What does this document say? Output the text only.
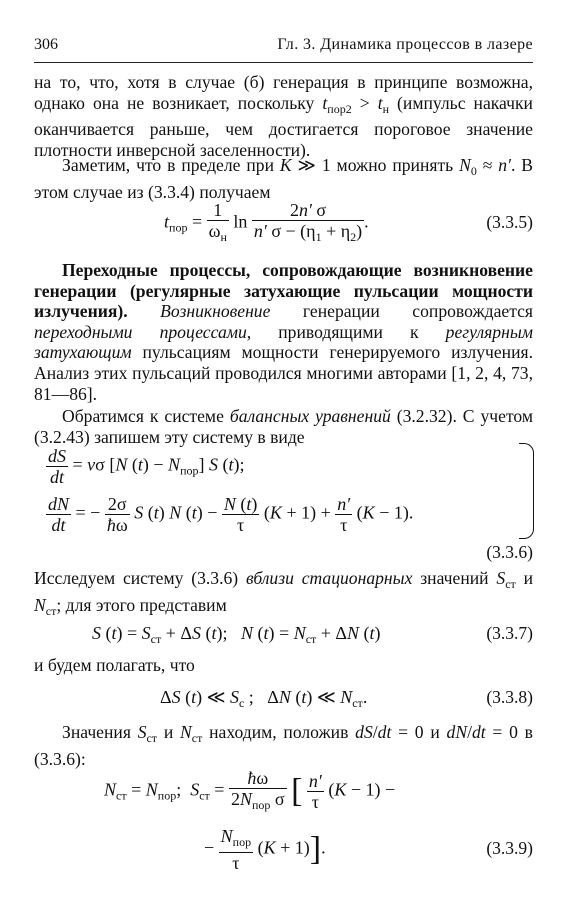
306	Гл. 3. Динамика процессов в лазере
на то, что, хотя в случае (б) генерация в принципе возможна, однако она не возникает, поскольку $t_{пор2} > t_н$ (импульс накачки оканчивается раньше, чем достигается пороговое значение плотности инверсной заселенности).
Заметим, что в пределе при K ≫ 1 можно принять $N_0 \approx n'$. В этом случае из (3.3.4) получаем
$t_{пор} = \frac{1}{\omega_н}$ $\ln \frac{2n' \sigma}{n' \sigma - (\eta_1 + \eta_2)}$ .	(3.3.5)
Переходные процессы, сопровождающие возникновение генерации (регулярные затухающие пульсации мощности излучения). Возникновение генерации сопровождается переходными процессами, приводящими к регулярным затухающим пульсациям мощности генерируемого излучения. Анализ этих пульсаций проводился многими авторами [1, 2, 4, 73, 81—86].
Обратимся к системе балансных уравнений (3.2.32). С учетом (3.2.43) запишем эту систему в виде
$\frac{dS}{dt} = v\sigma$ [N $(t) - N_{пор}$] S (t);
$\frac{dN}{dt}$ = − $\frac{2\sigma}{ħ\omega}$ S (t) N $(t) - \frac{N (t)}{\tau} (K + 1) + \frac{n'}{\tau} (K - 1)$.
(3.3.6)
Исследуем систему (3.3.6) вблизи стационарных значений $S_{ст}$ и $N_{ст}$; для этого представим
S $(t) = S_{ст} + \Delta S$ (t);   N $(t) = N_{ст} + \Delta N$ (t)	(3.3.7)
и будем полагать, что
ΔS (t) ≪ $S_с$ ;   ΔN (t) ≪ $N_{ст}$.	(3.3.8)
Значения $S_{ст}$ и $N_{ст}$ находим, положив dS/dt = 0 и dN/dt = 0 в (3.3.6):
$N_{ст} = N_{пор}$;  $S_{ст} = \frac{ħ\omega}{2N_{пор} \sigma}$ [ $\frac{n'}{\tau} (K - 1)$ −
− $\frac{N_{пор}}{\tau} (K + 1)$].	(3.3.9)
